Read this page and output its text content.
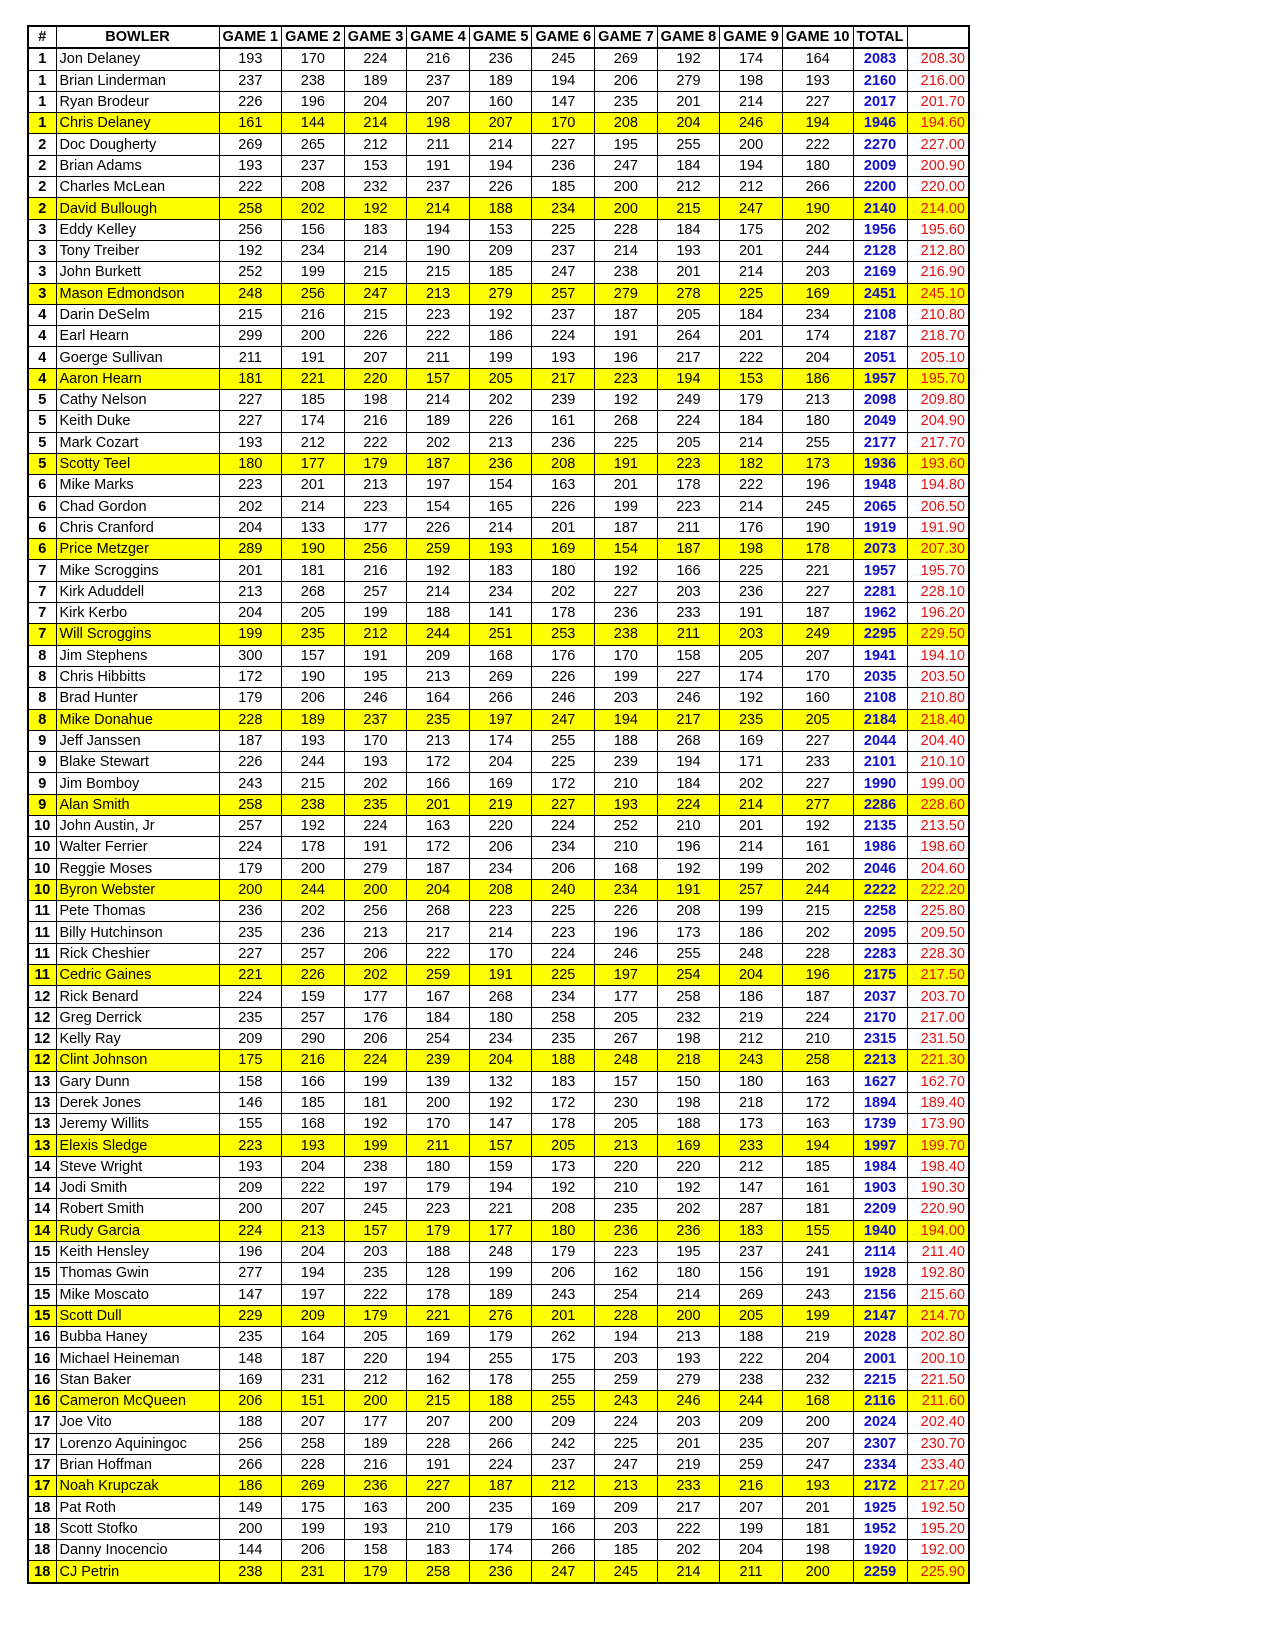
#	BOWLER	GAME 1	GAME 2	GAME 3	GAME 4	GAME 5	GAME 6	GAME 7	GAME 8	GAME 9	GAME 10	TOTAL	
1	Jon Delaney	193	170	224	216	236	245	269	192	174	164	2083	208.30
1	Brian Linderman	237	238	189	237	189	194	206	279	198	193	2160	216.00
1	Ryan Brodeur	226	196	204	207	160	147	235	201	214	227	2017	201.70
1	Chris Delaney	161	144	214	198	207	170	208	204	246	194	1946	194.60
2	Doc Dougherty	269	265	212	211	214	227	195	255	200	222	2270	227.00
2	Brian Adams	193	237	153	191	194	236	247	184	194	180	2009	200.90
2	Charles McLean	222	208	232	237	226	185	200	212	212	266	2200	220.00
2	David Bullough	258	202	192	214	188	234	200	215	247	190	2140	214.00
3	Eddy Kelley	256	156	183	194	153	225	228	184	175	202	1956	195.60
3	Tony Treiber	192	234	214	190	209	237	214	193	201	244	2128	212.80
3	John Burkett	252	199	215	215	185	247	238	201	214	203	2169	216.90
3	Mason Edmondson	248	256	247	213	279	257	279	278	225	169	2451	245.10
4	Darin DeSelm	215	216	215	223	192	237	187	205	184	234	2108	210.80
4	Earl Hearn	299	200	226	222	186	224	191	264	201	174	2187	218.70
4	Goerge Sullivan	211	191	207	211	199	193	196	217	222	204	2051	205.10
4	Aaron Hearn	181	221	220	157	205	217	223	194	153	186	1957	195.70
5	Cathy Nelson	227	185	198	214	202	239	192	249	179	213	2098	209.80
5	Keith Duke	227	174	216	189	226	161	268	224	184	180	2049	204.90
5	Mark Cozart	193	212	222	202	213	236	225	205	214	255	2177	217.70
5	Scotty Teel	180	177	179	187	236	208	191	223	182	173	1936	193.60
6	Mike Marks	223	201	213	197	154	163	201	178	222	196	1948	194.80
6	Chad Gordon	202	214	223	154	165	226	199	223	214	245	2065	206.50
6	Chris Cranford	204	133	177	226	214	201	187	211	176	190	1919	191.90
6	Price Metzger	289	190	256	259	193	169	154	187	198	178	2073	207.30
7	Mike Scroggins	201	181	216	192	183	180	192	166	225	221	1957	195.70
7	Kirk Aduddell	213	268	257	214	234	202	227	203	236	227	2281	228.10
7	Kirk Kerbo	204	205	199	188	141	178	236	233	191	187	1962	196.20
7	Will Scroggins	199	235	212	244	251	253	238	211	203	249	2295	229.50
8	Jim Stephens	300	157	191	209	168	176	170	158	205	207	1941	194.10
8	Chris Hibbitts	172	190	195	213	269	226	199	227	174	170	2035	203.50
8	Brad Hunter	179	206	246	164	266	246	203	246	192	160	2108	210.80
8	Mike Donahue	228	189	237	235	197	247	194	217	235	205	2184	218.40
9	Jeff Janssen	187	193	170	213	174	255	188	268	169	227	2044	204.40
9	Blake Stewart	226	244	193	172	204	225	239	194	171	233	2101	210.10
9	Jim Bomboy	243	215	202	166	169	172	210	184	202	227	1990	199.00
9	Alan Smith	258	238	235	201	219	227	193	224	214	277	2286	228.60
10	John Austin, Jr	257	192	224	163	220	224	252	210	201	192	2135	213.50
10	Walter Ferrier	224	178	191	172	206	234	210	196	214	161	1986	198.60
10	Reggie Moses	179	200	279	187	234	206	168	192	199	202	2046	204.60
10	Byron Webster	200	244	200	204	208	240	234	191	257	244	2222	222.20
11	Pete Thomas	236	202	256	268	223	225	226	208	199	215	2258	225.80
11	Billy Hutchinson	235	236	213	217	214	223	196	173	186	202	2095	209.50
11	Rick Cheshier	227	257	206	222	170	224	246	255	248	228	2283	228.30
11	Cedric Gaines	221	226	202	259	191	225	197	254	204	196	2175	217.50
12	Rick Benard	224	159	177	167	268	234	177	258	186	187	2037	203.70
12	Greg Derrick	235	257	176	184	180	258	205	232	219	224	2170	217.00
12	Kelly Ray	209	290	206	254	234	235	267	198	212	210	2315	231.50
12	Clint Johnson	175	216	224	239	204	188	248	218	243	258	2213	221.30
13	Gary Dunn	158	166	199	139	132	183	157	150	180	163	1627	162.70
13	Derek Jones	146	185	181	200	192	172	230	198	218	172	1894	189.40
13	Jeremy Willits	155	168	192	170	147	178	205	188	173	163	1739	173.90
13	Elexis Sledge	223	193	199	211	157	205	213	169	233	194	1997	199.70
14	Steve Wright	193	204	238	180	159	173	220	220	212	185	1984	198.40
14	Jodi Smith	209	222	197	179	194	192	210	192	147	161	1903	190.30
14	Robert Smith	200	207	245	223	221	208	235	202	287	181	2209	220.90
14	Rudy Garcia	224	213	157	179	177	180	236	236	183	155	1940	194.00
15	Keith Hensley	196	204	203	188	248	179	223	195	237	241	2114	211.40
15	Thomas Gwin	277	194	235	128	199	206	162	180	156	191	1928	192.80
15	Mike Moscato	147	197	222	178	189	243	254	214	269	243	2156	215.60
15	Scott Dull	229	209	179	221	276	201	228	200	205	199	2147	214.70
16	Bubba Haney	235	164	205	169	179	262	194	213	188	219	2028	202.80
16	Michael Heineman	148	187	220	194	255	175	203	193	222	204	2001	200.10
16	Stan Baker	169	231	212	162	178	255	259	279	238	232	2215	221.50
16	Cameron McQueen	206	151	200	215	188	255	243	246	244	168	2116	211.60
17	Joe Vito	188	207	177	207	200	209	224	203	209	200	2024	202.40
17	Lorenzo Aquiningoc	256	258	189	228	266	242	225	201	235	207	2307	230.70
17	Brian Hoffman	266	228	216	191	224	237	247	219	259	247	2334	233.40
17	Noah Krupczak	186	269	236	227	187	212	213	233	216	193	2172	217.20
18	Pat Roth	149	175	163	200	235	169	209	217	207	201	1925	192.50
18	Scott Stofko	200	199	193	210	179	166	203	222	199	181	1952	195.20
18	Danny Inocencio	144	206	158	183	174	266	185	202	204	198	1920	192.00
18	CJ Petrin	238	231	179	258	236	247	245	214	211	200	2259	225.90
